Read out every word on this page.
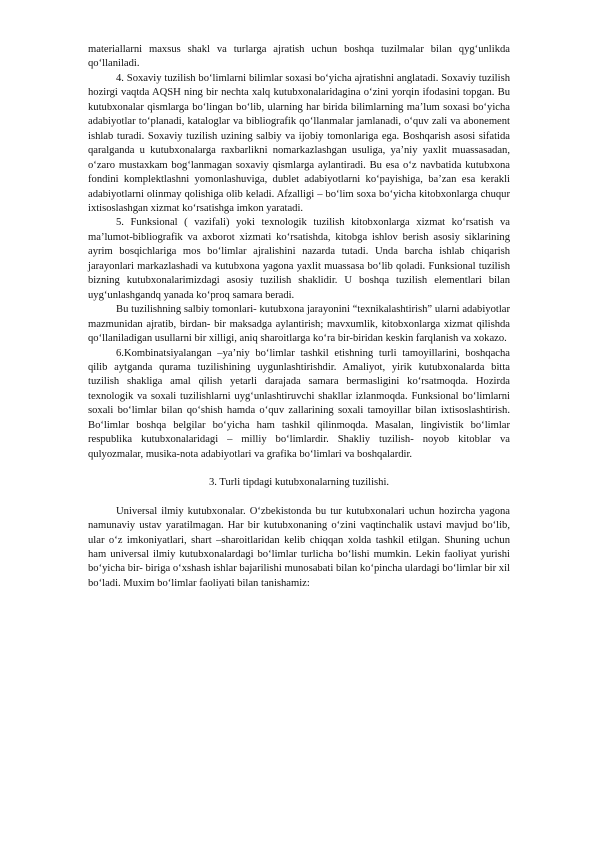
materiallarni maxsus shakl va turlarga ajratish uchun boshqa tuzilmalar bilan qyg‘unlikda qo‘llaniladi.

4. Soxaviy tuzilish bo‘limlarni bilimlar soxasi bo‘yicha ajratishni anglatadi. Soxaviy tuzilish hozirgi vaqtda AQSH ning bir nechta xalq kutubxonalaridagina o‘zini yorqin ifodasini topgan. Bu kutubxonalar qismlarga bo‘lingan bo‘lib, ularning har birida bilimlarning ma’lum soxasi bo‘yicha adabiyotlar to‘planadi, kataloglar va bibliografik qo‘llanmalar jamlanadi, o‘quv zali va abonement ishlab turadi. Soxaviy tuzilish uzining salbiy va ijobiy tomonlariga ega. Boshqarish asosi sifatida qaralganda u kutubxonalarga raxbarlikni nomarkazlashgan usuliga, ya’niy yaxlit muassasadan, o‘zaro mustaxkam bog‘lanmagan soxaviy qismlarga aylantiradi. Bu esa o‘z navbatida kutubxona fondini komplektlashni yomonlashuviga, dublet adabiyotlarni ko‘payishiga, ba’zan esa kerakli adabiyotlarni olinmay qolishiga olib keladi. Afzalligi – bo‘lim soxa bo‘yicha kitobxonlarga chuqur ixtisoslashgan xizmat ko‘rsatishga imkon yaratadi.

5. Funksional ( vazifali) yoki texnologik tuzilish kitobxonlarga xizmat ko‘rsatish va ma’lumot-bibliografik va axborot xizmati ko‘rsatishda, kitobga ishlov berish asosiy siklarining ayrim bosqichlariga mos bo‘limlar ajralishini nazarda tutadi. Unda barcha ishlab chiqarish jarayonlari markazlashadi va kutubxona yagona yaxlit muassasa bo‘lib qoladi. Funksional tuzilish bizning kutubxonalarimizdagi asosiy tuzilish shaklidir. U boshqa tuzilish elementlari bilan uyg‘unlashgandq yanada ko‘proq samara beradi.

Bu tuzilishning salbiy tomonlari- kutubxona jarayonini “texnikalashtirish” ularni adabiyotlar mazmunidan ajratib, birdan- bir maksadga aylantirish; mavxumlik, kitobxonlarga xizmat qilishda qo‘llaniladigan usullarni bir xilligi, aniq sharoitlarga ko‘ra bir-biridan keskin farqlanish va xokazo.

6.Kombinatsiyalangan –ya’niy bo‘limlar tashkil etishning turli tamoyillarini, boshqacha qilib aytganda qurama tuzilishining uygunlashtirishdir. Amaliyot, yirik kutubxonalarda bitta tuzilish shakliga amal qilish yetarli darajada samara bermasligini ko‘rsatmoqda. Hozirda texnologik va soxali tuzilishlarni uyg‘unlashtiruvchi shakllar izlanmoqda. Funksional bo‘limlarni soxali bo‘limlar bilan qo‘shish hamda o‘quv zallarining soxali tamoyillar bilan ixtisoslashtirish. Bo‘limlar boshqa belgilar bo‘yicha ham tashkil qilinmoqda. Masalan, lingivistik bo‘limlar respublika kutubxonalaridagi – milliy bo‘limlardir. Shakliy tuzilish- noyob kitoblar va qulyozmalar, musika-nota adabiyotlari va grafika bo‘limlari va boshqalardir.

3. Turli tipdagi kutubxonalarning tuzilishi.

Universal ilmiy kutubxonalar. O‘zbekistonda bu tur kutubxonalari uchun hozircha yagona namunaviy ustav yaratilmagan. Har bir kutubxonaning o‘zini vaqtinchalik ustavi mavjud bo‘lib, ular o‘z imkoniyatlari, shart –sharoitlaridan kelib chiqqan xolda tashkil etilgan. Shuning uchun ham universal ilmiy kutubxonalardagi bo‘limlar turlicha bo‘lishi mumkin. Lekin faoliyat yurishi bo‘yicha bir- biriga o‘xshash ishlar bajarilishi munosabati bilan ko‘pincha ulardagi bo‘limlar bir xil bo‘ladi. Muxim bo‘limlar faoliyati bilan tanishamiz:
